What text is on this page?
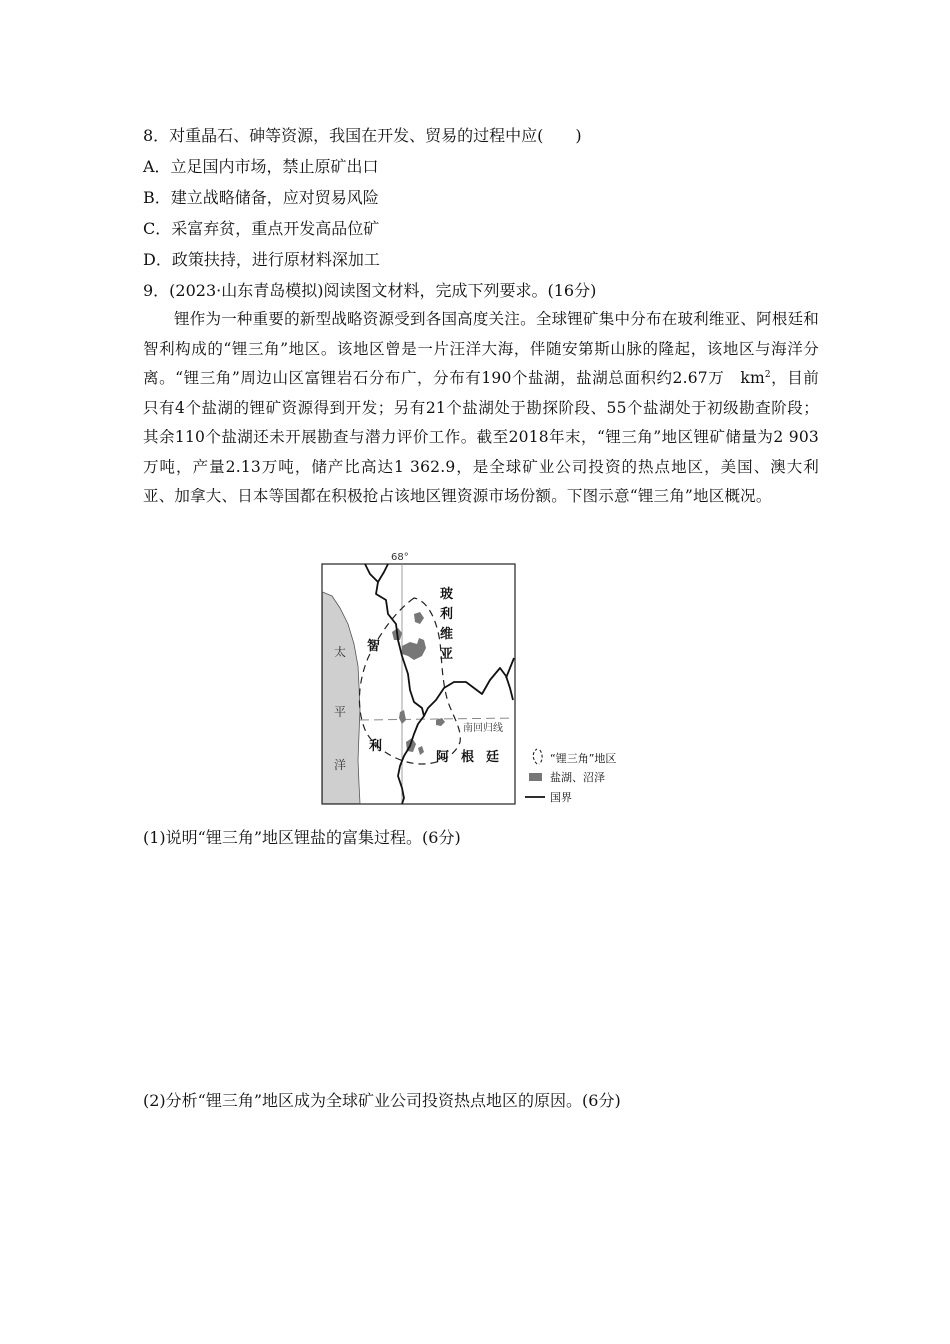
8．对重晶石、砷等资源，我国在开发、贸易的过程中应(　　)
A．立足国内市场，禁止原矿出口
B．建立战略储备，应对贸易风险
C．采富弃贫，重点开发高品位矿
D．政策扶持，进行原材料深加工
9．(2023·山东青岛模拟)阅读图文材料，完成下列要求。(16分)

锂作为一种重要的新型战略资源受到各国高度关注。全球锂矿集中分布在玻利维亚、阿根廷和智利构成的“锂三角”地区。该地区曾是一片汪洋大海，伴随安第斯山脉的隆起，该地区与海洋分离。“锂三角”周边山区富锂岩石分布广，分布有190个盐湖，盐湖总面积约2.67万　$km^2$，目前只有4个盐湖的锂矿资源得到开发；另有21个盐湖处于勘探阶段、55个盐湖处于初级勘查阶段；其余110个盐湖还未开展勘查与潜力评价工作。截至2018年末，“锂三角”地区锂矿储量为2 903万吨，产量2.13万吨，储产比高达1 362.9，是全球矿业公司投资的热点地区，美国、澳大利亚、加拿大、日本等国都在积极抢占该地区锂资源市场份额。下图示意“锂三角”地区概况。

68°
南回归线
玻
利
维
亚
智
利
阿 根 廷
太
平
洋	“锂三角”地区
盐湖、沼泽
国界
(1)说明“锂三角”地区锂盐的富集过程。(6分)
(2)分析“锂三角”地区成为全球矿业公司投资热点地区的原因。(6分)
